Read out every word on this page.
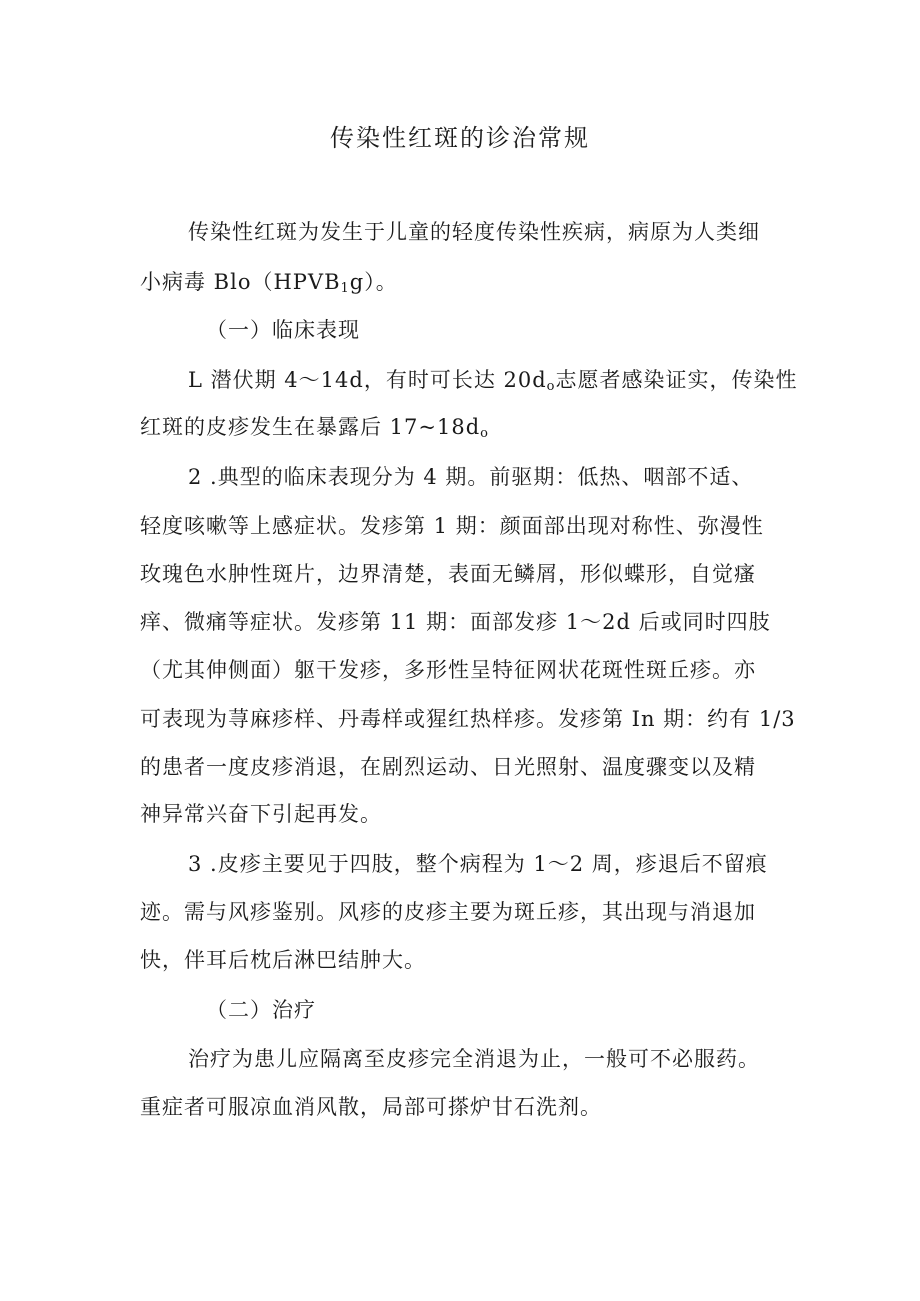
传染性红斑的诊治常规

传染性红斑为发生于儿童的轻度传染性疾病，病原为人类细

小病毒 $Blo(HPVB_1g)$。

（一）临床表现

L 潜伏期 4～14d，有时可长达 $20d_o$志愿者感染证实，传染性

红斑的皮疹发生在暴露后 $17\sim 18d_o$

2 .典型的临床表现分为 4 期。前驱期：低热、咽部不适、

轻度咳嗽等上感症状。发疹第 1 期：颜面部出现对称性、弥漫性

玫瑰色水肿性斑片，边界清楚，表面无鳞屑，形似蝶形，自觉瘙

痒、微痛等症状。发疹第 11 期：面部发疹 1～2d 后或同时四肢

（尤其伸侧面）躯干发疹，多形性呈特征网状花斑性斑丘疹。亦

可表现为荨麻疹样、丹毒样或猩红热样疹。发疹第 In 期：约有 1/3

的患者一度皮疹消退，在剧烈运动、日光照射、温度骤变以及精

神异常兴奋下引起再发。

3 .皮疹主要见于四肢，整个病程为 1～2 周，疹退后不留痕

迹。需与风疹鉴别。风疹的皮疹主要为斑丘疹，其出现与消退加

快，伴耳后枕后淋巴结肿大。

（二）治疗

治疗为患儿应隔离至皮疹完全消退为止，一般可不必服药。

重症者可服凉血消风散，局部可搽炉甘石洗剂。
